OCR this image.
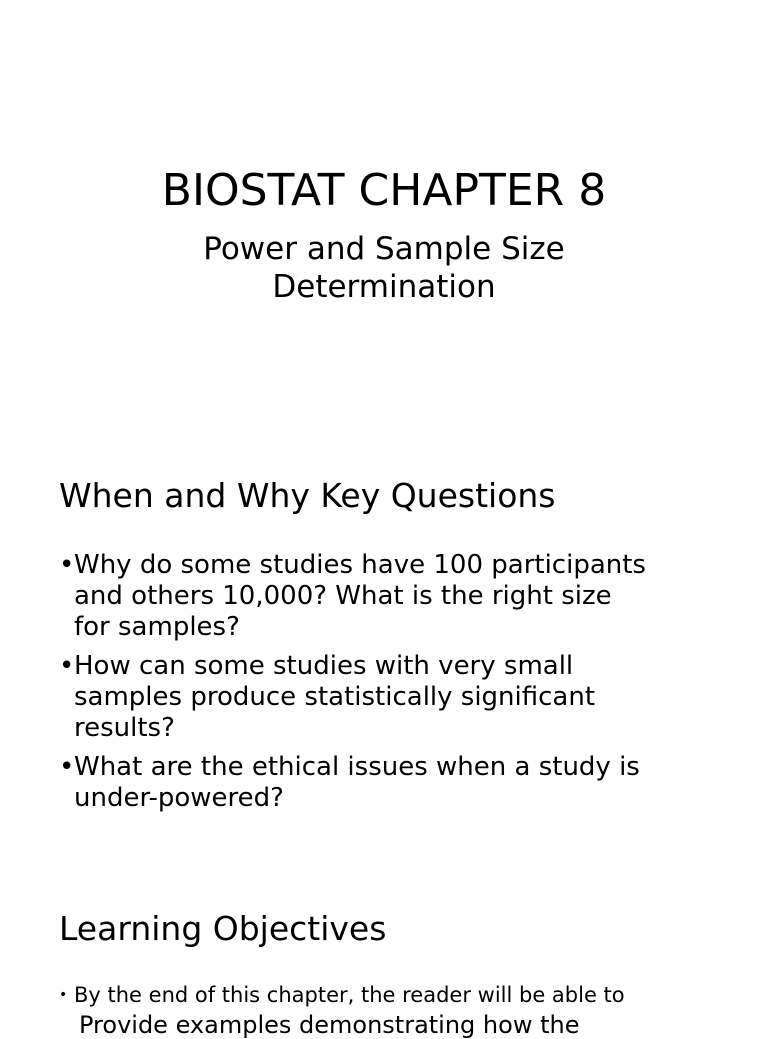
BIOSTAT CHAPTER 8
Power and Sample Size
Determination
When and Why Key Questions
• Why do some studies have 100 participants
and others 10,000? What is the right size
for samples?
• How can some studies with very small
samples produce statistically significant
results?
• What are the ethical issues when a study is
under-powered?
Learning Objectives
• By the end of this chapter, the reader will be able to
Provide examples demonstrating how the
